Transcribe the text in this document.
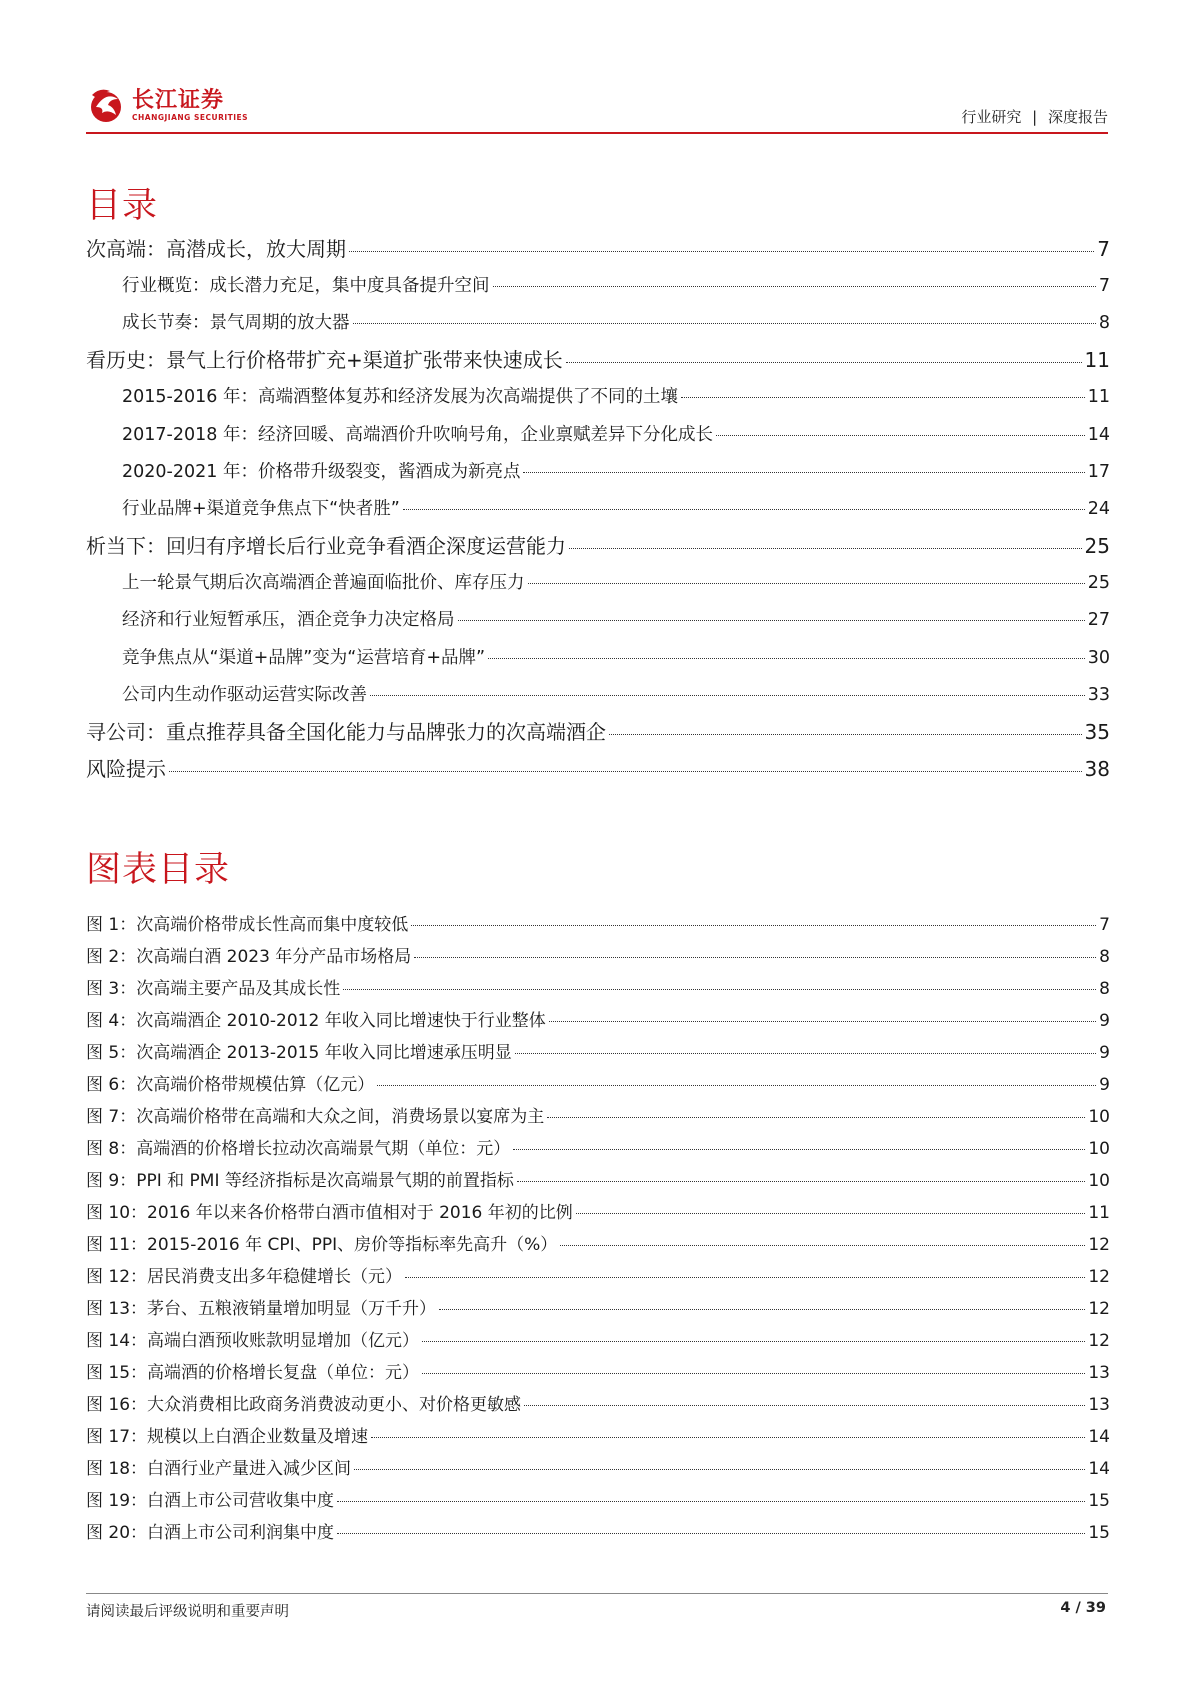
长江证券
CHANGJIANG SECURITIES	行业研究 | 深度报告
目录
次高端：高潜成长，放大周期	7
行业概览：成长潜力充足，集中度具备提升空间	7
成长节奏：景气周期的放大器	8
看历史：景气上行价格带扩充+渠道扩张带来快速成长	11
2015-2016 年：高端酒整体复苏和经济发展为次高端提供了不同的土壤	11
2017-2018 年：经济回暖、高端酒价升吹响号角，企业禀赋差异下分化成长	14
2020-2021 年：价格带升级裂变，酱酒成为新亮点	17
行业品牌+渠道竞争焦点下“快者胜”	24
析当下：回归有序增长后行业竞争看酒企深度运营能力	25
上一轮景气期后次高端酒企普遍面临批价、库存压力	25
经济和行业短暂承压，酒企竞争力决定格局	27
竞争焦点从“渠道+品牌”变为“运营培育+品牌”	30
公司内生动作驱动运营实际改善	33
寻公司：重点推荐具备全国化能力与品牌张力的次高端酒企	35
风险提示	38
图表目录
图 1：次高端价格带成长性高而集中度较低	7
图 2：次高端白酒 2023 年分产品市场格局	8
图 3：次高端主要产品及其成长性	8
图 4：次高端酒企 2010-2012 年收入同比增速快于行业整体	9
图 5：次高端酒企 2013-2015 年收入同比增速承压明显	9
图 6：次高端价格带规模估算（亿元）	9
图 7：次高端价格带在高端和大众之间，消费场景以宴席为主	10
图 8：高端酒的价格增长拉动次高端景气期（单位：元）	10
图 9：PPI 和 PMI 等经济指标是次高端景气期的前置指标	10
图 10：2016 年以来各价格带白酒市值相对于 2016 年初的比例	11
图 11：2015-2016 年 CPI、PPI、房价等指标率先高升（%）	12
图 12：居民消费支出多年稳健增长（元）	12
图 13：茅台、五粮液销量增加明显（万千升）	12
图 14：高端白酒预收账款明显增加（亿元）	12
图 15：高端酒的价格增长复盘（单位：元）	13
图 16：大众消费相比政商务消费波动更小、对价格更敏感	13
图 17：规模以上白酒企业数量及增速	14
图 18：白酒行业产量进入减少区间	14
图 19：白酒上市公司营收集中度	15
图 20：白酒上市公司利润集中度	15
请阅读最后评级说明和重要声明	4 / 39
